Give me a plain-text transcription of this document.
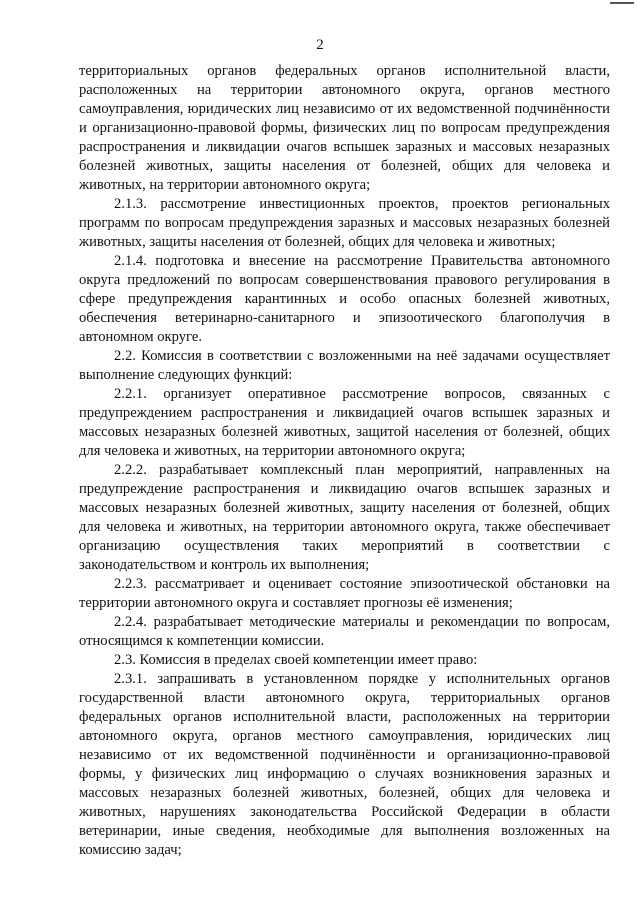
2

территориальных органов федеральных органов исполнительной власти, расположенных на территории автономного округа, органов местного самоуправления, юридических лиц независимо от их ведомственной подчинённости и организационно-правовой формы, физических лиц по вопросам предупреждения распространения и ликвидации очагов вспышек заразных и массовых незаразных болезней животных, защиты населения от болезней, общих для человека и животных, на территории автономного округа;

2.1.3. рассмотрение инвестиционных проектов, проектов региональных программ по вопросам предупреждения заразных и массовых незаразных болезней животных, защиты населения от болезней, общих для человека и животных;

2.1.4. подготовка и внесение на рассмотрение Правительства автономного округа предложений по вопросам совершенствования правового регулирования в сфере предупреждения карантинных и особо опасных болезней животных, обеспечения ветеринарно-санитарного и эпизоотического благополучия в автономном округе.

2.2. Комиссия в соответствии с возложенными на неё задачами осуществляет выполнение следующих функций:

2.2.1. организует оперативное рассмотрение вопросов, связанных с предупреждением распространения и ликвидацией очагов вспышек заразных и массовых незаразных болезней животных, защитой населения от болезней, общих для человека и животных, на территории автономного округа;

2.2.2. разрабатывает комплексный план мероприятий, направленных на предупреждение распространения и ликвидацию очагов вспышек заразных и массовых незаразных болезней животных, защиту населения от болезней, общих для человека и животных, на территории автономного округа, также обеспечивает организацию осуществления таких мероприятий в соответствии с законодательством и контроль их выполнения;

2.2.3. рассматривает и оценивает состояние эпизоотической обстановки на территории автономного округа и составляет прогнозы её изменения;

2.2.4. разрабатывает методические материалы и рекомендации по вопросам, относящимся к компетенции комиссии.

2.3. Комиссия в пределах своей компетенции имеет право:

2.3.1. запрашивать в установленном порядке у исполнительных органов государственной власти автономного округа, территориальных органов федеральных органов исполнительной власти, расположенных на территории автономного округа, органов местного самоуправления, юридических лиц независимо от их ведомственной подчинённости и организационно-правовой формы, у физических лиц информацию о случаях возникновения заразных и массовых незаразных болезней животных, болезней, общих для человека и животных, нарушениях законодательства Российской Федерации в области ветеринарии, иные сведения, необходимые для выполнения возложенных на комиссию задач;
